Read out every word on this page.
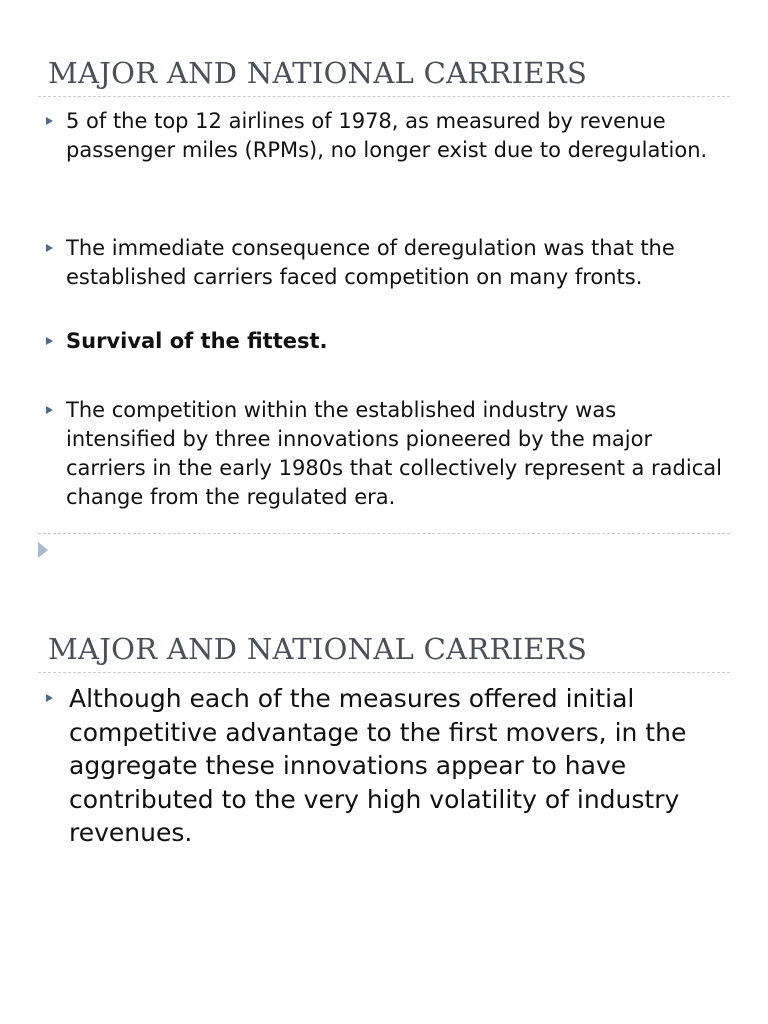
MAJOR AND NATIONAL CARRIERS
5 of the top 12 airlines of 1978, as measured by revenue passenger miles (RPMs), no longer exist due to deregulation.
The immediate consequence of deregulation was that the established carriers faced competition on many fronts.
Survival of the fittest.
The competition within the established industry was intensified by three innovations pioneered by the major carriers in the early 1980s that collectively represent a radical change from the regulated era.
MAJOR AND NATIONAL CARRIERS
Although each of the measures offered initial competitive advantage to the first movers, in the aggregate these innovations appear to have contributed to the very high volatility of industry revenues.
